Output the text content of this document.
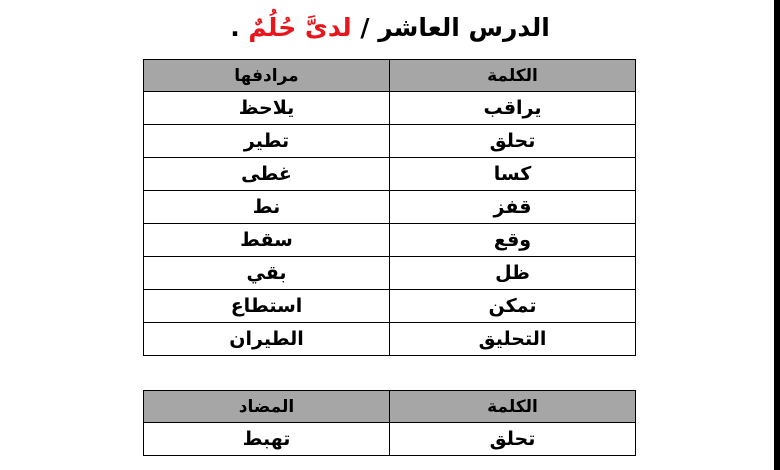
الدرس العاشر / لدىَّ حُلُمٌ .
الكلمة	مرادفها
يراقب	يلاحظ
تحلق	تطير
كسا	غطى
قفز	نط
وقع	سقط
ظل	بقي
تمكن	استطاع
التحليق	الطيران
الكلمة	المضاد
تحلق	تهبط
